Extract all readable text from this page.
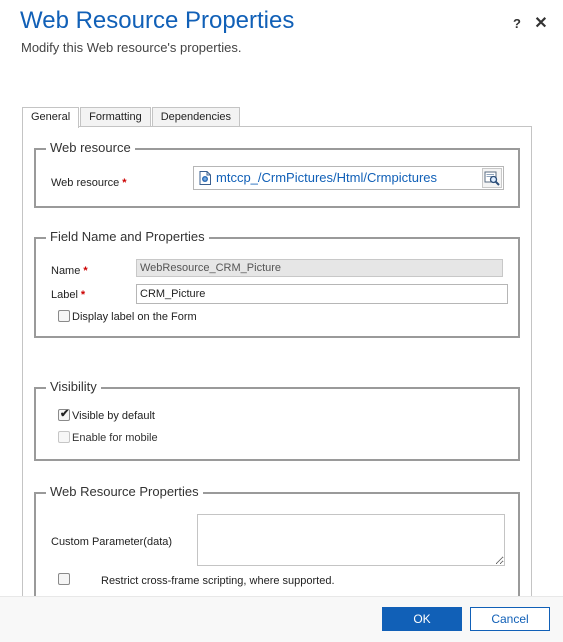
Web Resource Properties
Modify this Web resource's properties.
? ✕
General	Formatting	Dependencies
Web resource
Web resource *	mtccp_/CrmPictures/Html/Crmpictures
Field Name and Properties
Name *
WebResource_CRM_Picture
Label *
CRM_Picture
Display label on the Form
Visibility
✔ Visible by default
Enable for mobile
Web Resource Properties
Custom Parameter(data)
Restrict cross-frame scripting, where supported.
OK	Cancel
